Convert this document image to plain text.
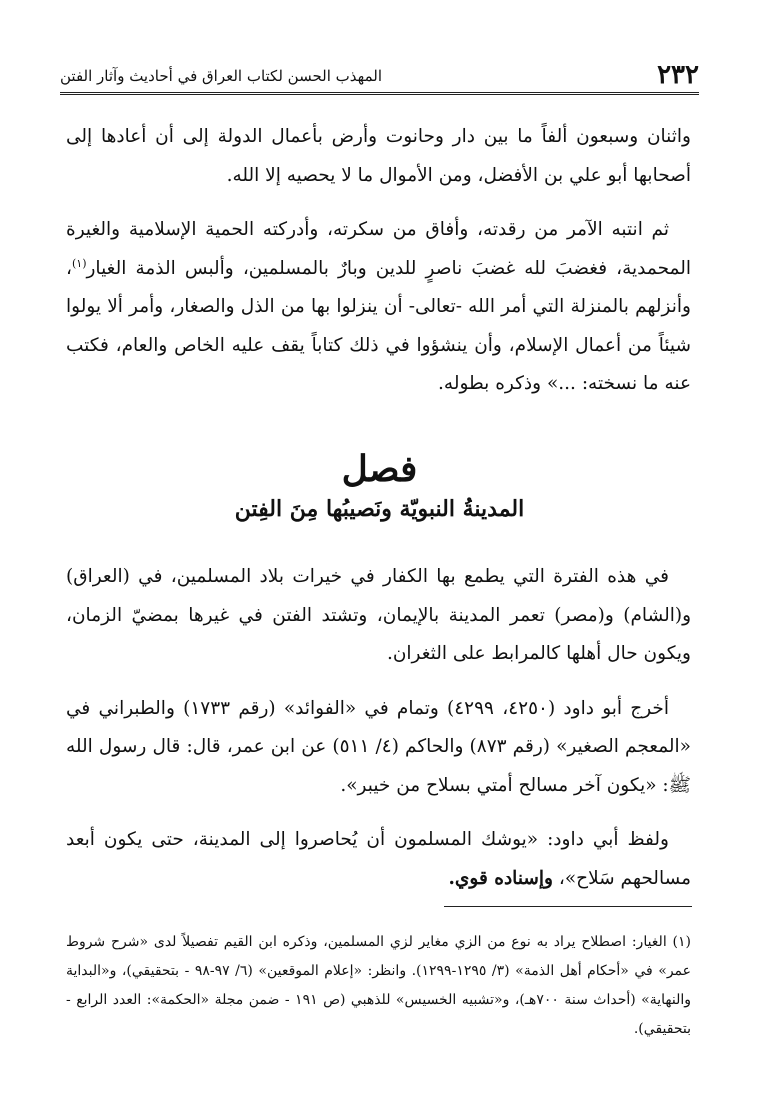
٢٣٢
المهذب الحسن لكتاب العراق في أحاديث وآثار الفتن

واثنان وسبعون ألفاً ما بين دار وحانوت وأرض بأعمال الدولة إلى أن أعادها إلى أصحابها أبو علي بن الأفضل، ومن الأموال ما لا يحصيه إلا الله.

ثم انتبه الآمر من رقدته، وأفاق من سكرته، وأدركته الحمية الإسلامية والغيرة المحمدية، فغضبَ لله غضبَ ناصرٍ للدين وبارٌ بالمسلمين، وألبس الذمة الغيار$^{(١)}$، وأنزلهم بالمنزلة التي أمر الله -تعالى- أن ينزلوا بها من الذل والصغار، وأمر ألا يولوا شيئاً من أعمال الإسلام، وأن ينشؤوا في ذلك كتاباً يقف عليه الخاص والعام، فكتب عنه ما نسخته: ...» وذكره بطوله.

فصل
المدينةُ النبويّة ونَصيبُها مِنَ الفِتن

في هذه الفترة التي يطمع بها الكفار في خيرات بلاد المسلمين، في (العراق) و(الشام) و(مصر) تعمر المدينة بالإيمان، وتشتد الفتن في غيرها بمضيّ الزمان، ويكون حال أهلها كالمرابط على الثغران.

أخرج أبو داود (٤٢٥٠، ٤٢٩٩) وتمام في «الفوائد» (رقم ١٧٣٣) والطبراني في «المعجم الصغير» (رقم ٨٧٣) والحاكم (٤/ ٥١١) عن ابن عمر، قال: قال رسول الله ﷺ: «يكون آخر مسالح أمتي بسلاح من خيبر».

ولفظ أبي داود: «يوشك المسلمون أن يُحاصروا إلى المدينة، حتى يكون أبعد مسالحهم سَلاح»، وإسناده قوي.

(١) الغيار: اصطلاح يراد به نوع من الزي مغاير لزي المسلمين، وذكره ابن القيم تفصيلاً لدى «شرح شروط عمر» في «أحكام أهل الذمة» (٣/ ١٢٩٥-١٢٩٩). وانظر: «إعلام الموقعين» (٦/ ٩٧-٩٨ - بتحقيقي)، و«البداية والنهاية» (أحداث سنة ٧٠٠هـ)، و«تشبيه الخسيس» للذهبي (ص ١٩١ - ضمن مجلة «الحكمة»: العدد الرابع - بتحقيقي).
